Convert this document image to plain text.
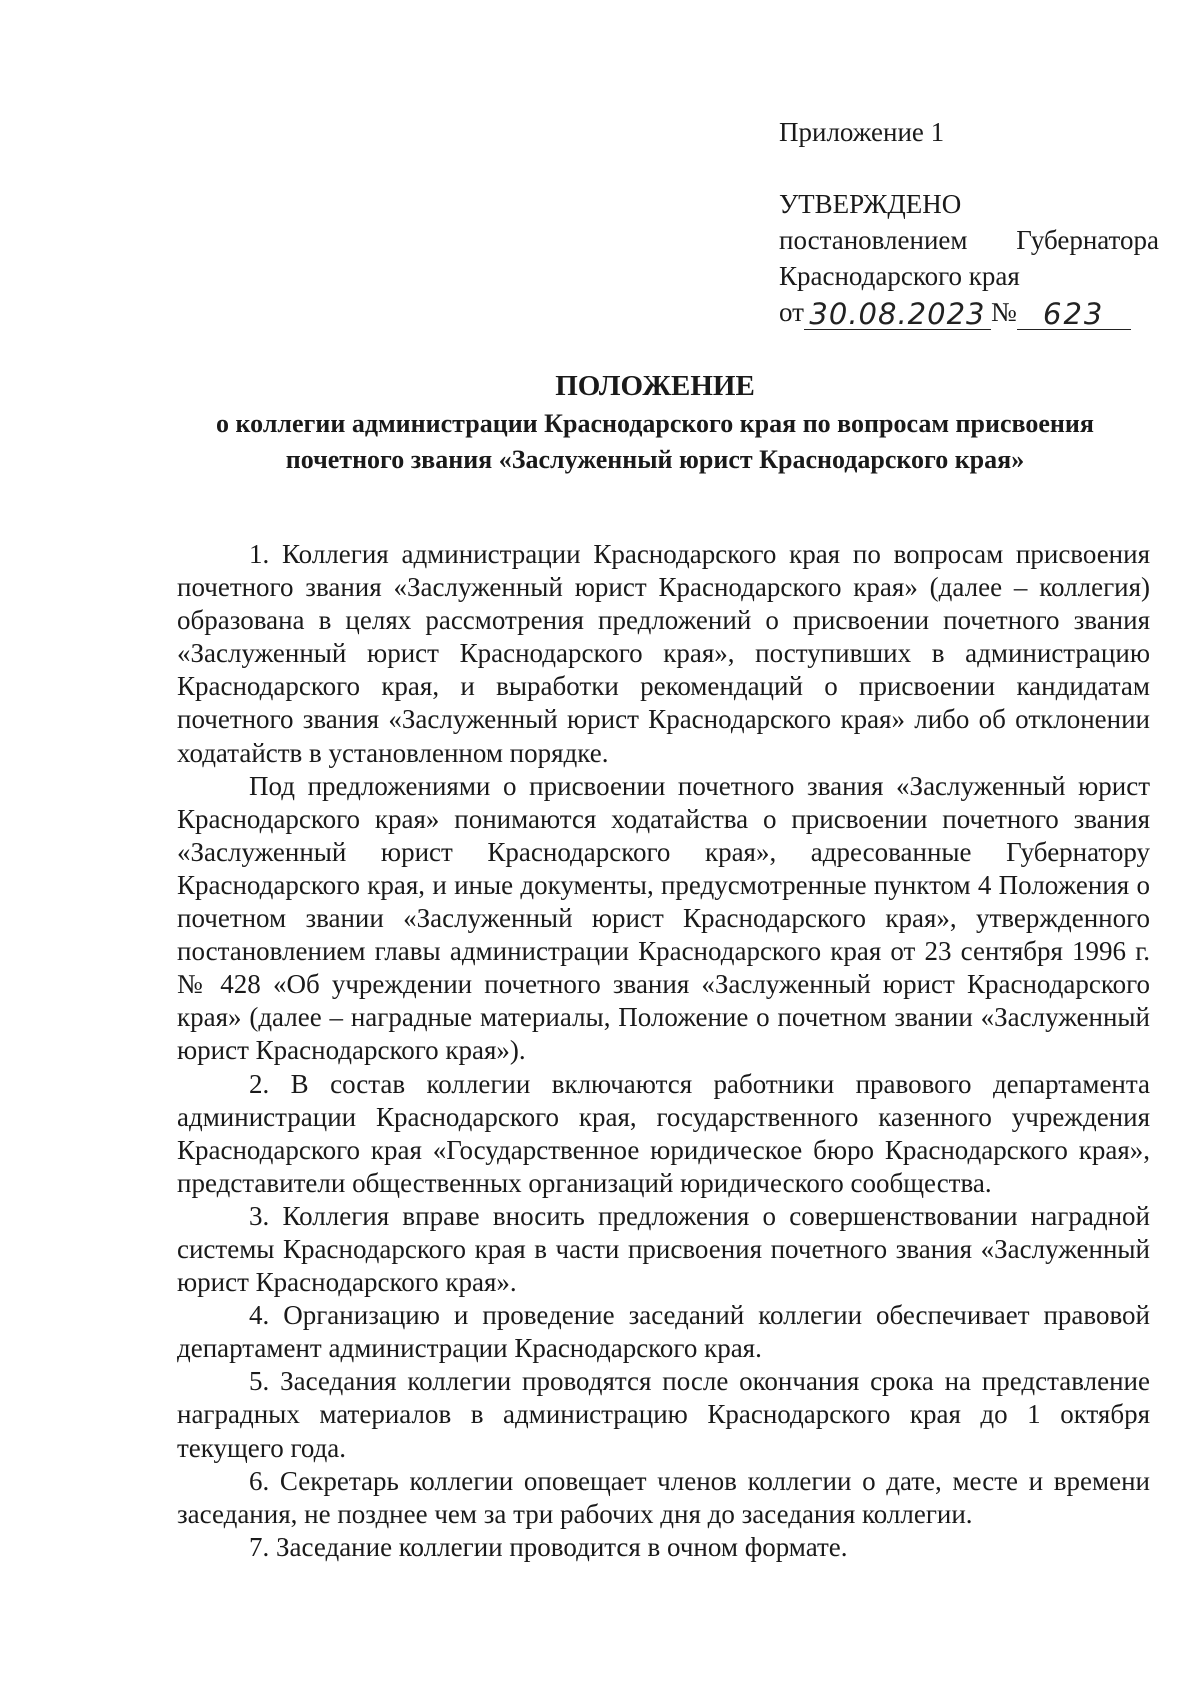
Приложение 1
УТВЕРЖДЕНО
постановлением Губернатора
Краснодарского края
от 30.08.2023 № 623
ПОЛОЖЕНИЕ
о коллегии администрации Краснодарского края по вопросам присвоения почетного звания «Заслуженный юрист Краснодарского края»

1. Коллегия администрации Краснодарского края по вопросам присвоения почетного звания «Заслуженный юрист Краснодарского края» (далее – коллегия) образована в целях рассмотрения предложений о присвоении почетного звания «Заслуженный юрист Краснодарского края», поступивших в администрацию Краснодарского края, и выработки рекомендаций о присвоении кандидатам почетного звания «Заслуженный юрист Краснодарского края» либо об отклонении ходатайств в установленном порядке.

Под предложениями о присвоении почетного звания «Заслуженный юрист Краснодарского края» понимаются ходатайства о присвоении почетного звания «Заслуженный юрист Краснодарского края», адресованные Губернатору Краснодарского края, и иные документы, предусмотренные пунктом 4 Положения о почетном звании «Заслуженный юрист Краснодарского края», утвержденного постановлением главы администрации Краснодарского края от 23 сентября 1996 г. № 428 «Об учреждении почетного звания «Заслуженный юрист Краснодарского края» (далее – наградные материалы, Положение о почетном звании «Заслуженный юрист Краснодарского края»).

2. В состав коллегии включаются работники правового департамента администрации Краснодарского края, государственного казенного учреждения Краснодарского края «Государственное юридическое бюро Краснодарского края», представители общественных организаций юридического сообщества.

3. Коллегия вправе вносить предложения о совершенствовании наградной системы Краснодарского края в части присвоения почетного звания «Заслуженный юрист Краснодарского края».

4. Организацию и проведение заседаний коллегии обеспечивает правовой департамент администрации Краснодарского края.

5. Заседания коллегии проводятся после окончания срока на представление наградных материалов в администрацию Краснодарского края до 1 октября текущего года.

6. Секретарь коллегии оповещает членов коллегии о дате, месте и времени заседания, не позднее чем за три рабочих дня до заседания коллегии.

7. Заседание коллегии проводится в очном формате.
